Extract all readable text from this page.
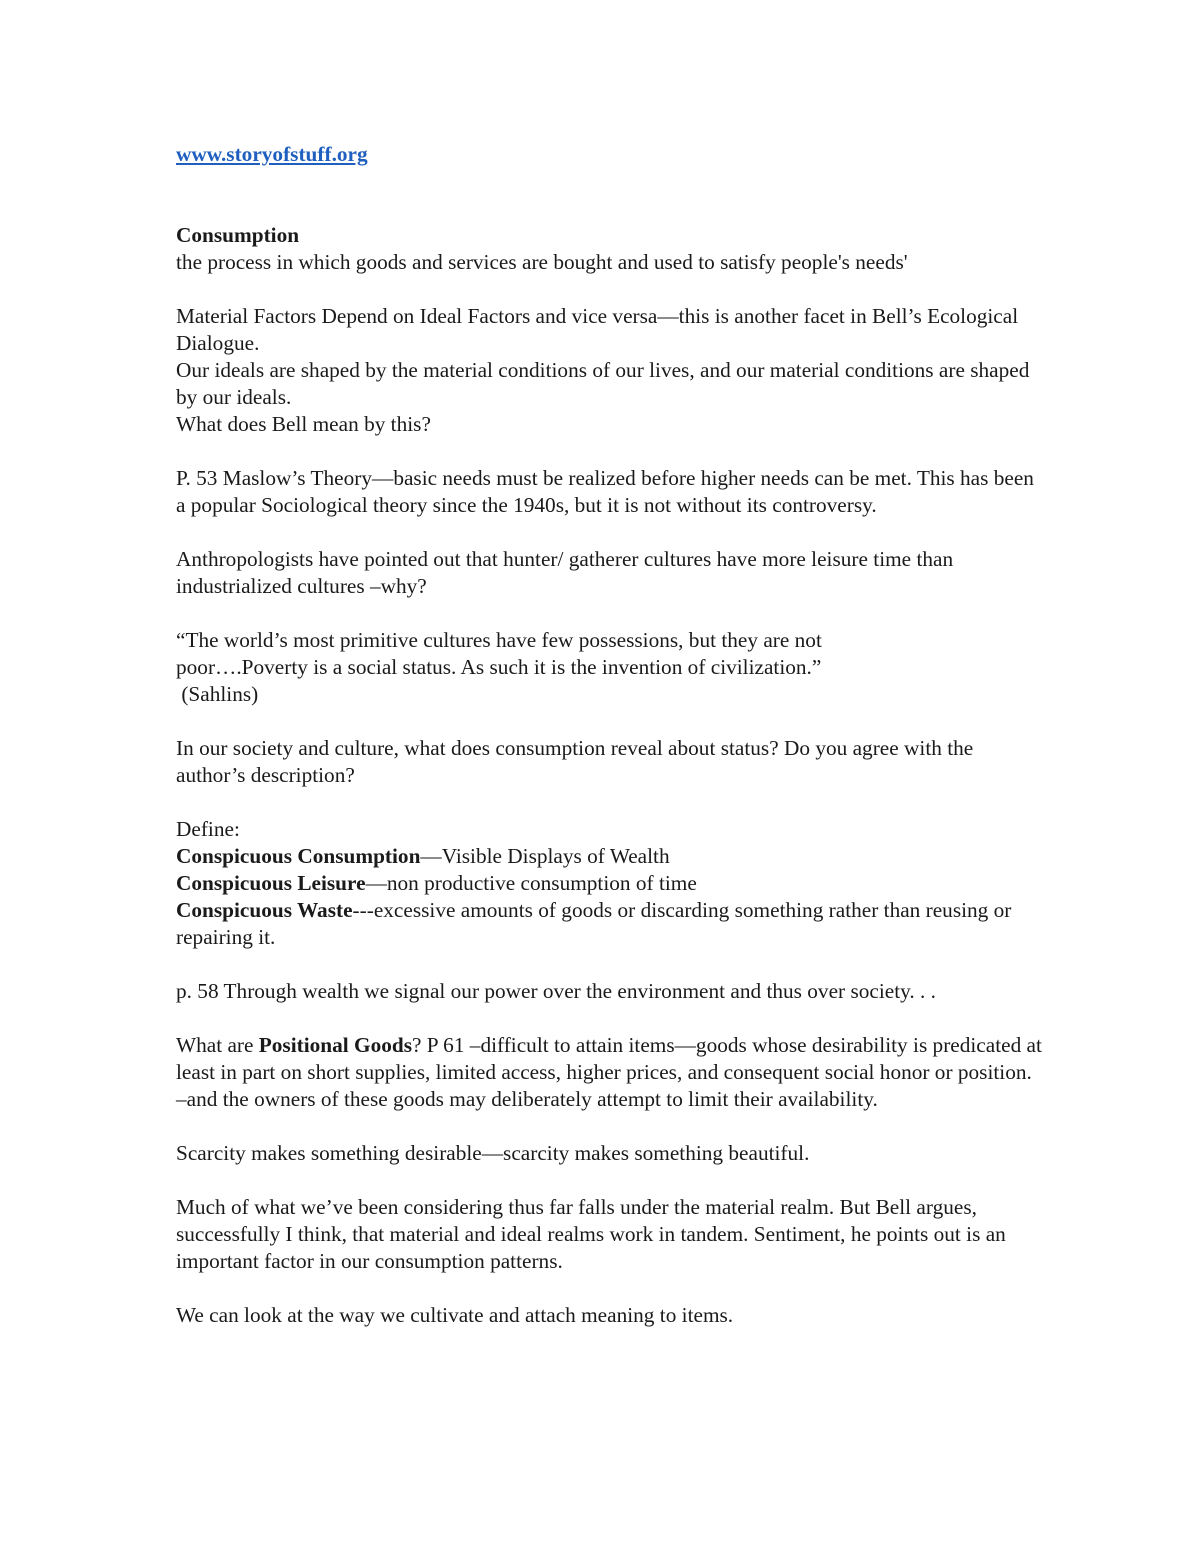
www.storyofstuff.org

Consumption

the process in which goods and services are bought and used to satisfy people's needs'

Material Factors Depend on Ideal Factors and vice versa—this is another facet in Bell’s Ecological Dialogue.

Our ideals are shaped by the material conditions of our lives, and our material conditions are shaped by our ideals.

What does Bell mean by this?

P. 53 Maslow’s Theory—basic needs must be realized before higher needs can be met. This has been a popular Sociological theory since the 1940s, but it is not without its controversy.

Anthropologists have pointed out that hunter/ gatherer cultures have more leisure time than industrialized cultures –why?

“The world’s most primitive cultures have few possessions, but they are not

poor….Poverty is a social status. As such it is the invention of civilization.”

(Sahlins)

In our society and culture, what does consumption reveal about status? Do you agree with the author’s description?

Define:

Conspicuous Consumption—Visible Displays of Wealth

Conspicuous Leisure—non productive consumption of time

Conspicuous Waste---excessive amounts of goods or discarding something rather than reusing or repairing it.

p. 58 Through wealth we signal our power over the environment and thus over society. . .

What are Positional Goods? P 61 –difficult to attain items—goods whose desirability is predicated at least in part on short supplies, limited access, higher prices, and consequent social honor or position. –and the owners of these goods may deliberately attempt to limit their availability.

Scarcity makes something desirable—scarcity makes something beautiful.

Much of what we’ve been considering thus far falls under the material realm. But Bell argues, successfully I think, that material and ideal realms work in tandem. Sentiment, he points out is an important factor in our consumption patterns.

We can look at the way we cultivate and attach meaning to items.
